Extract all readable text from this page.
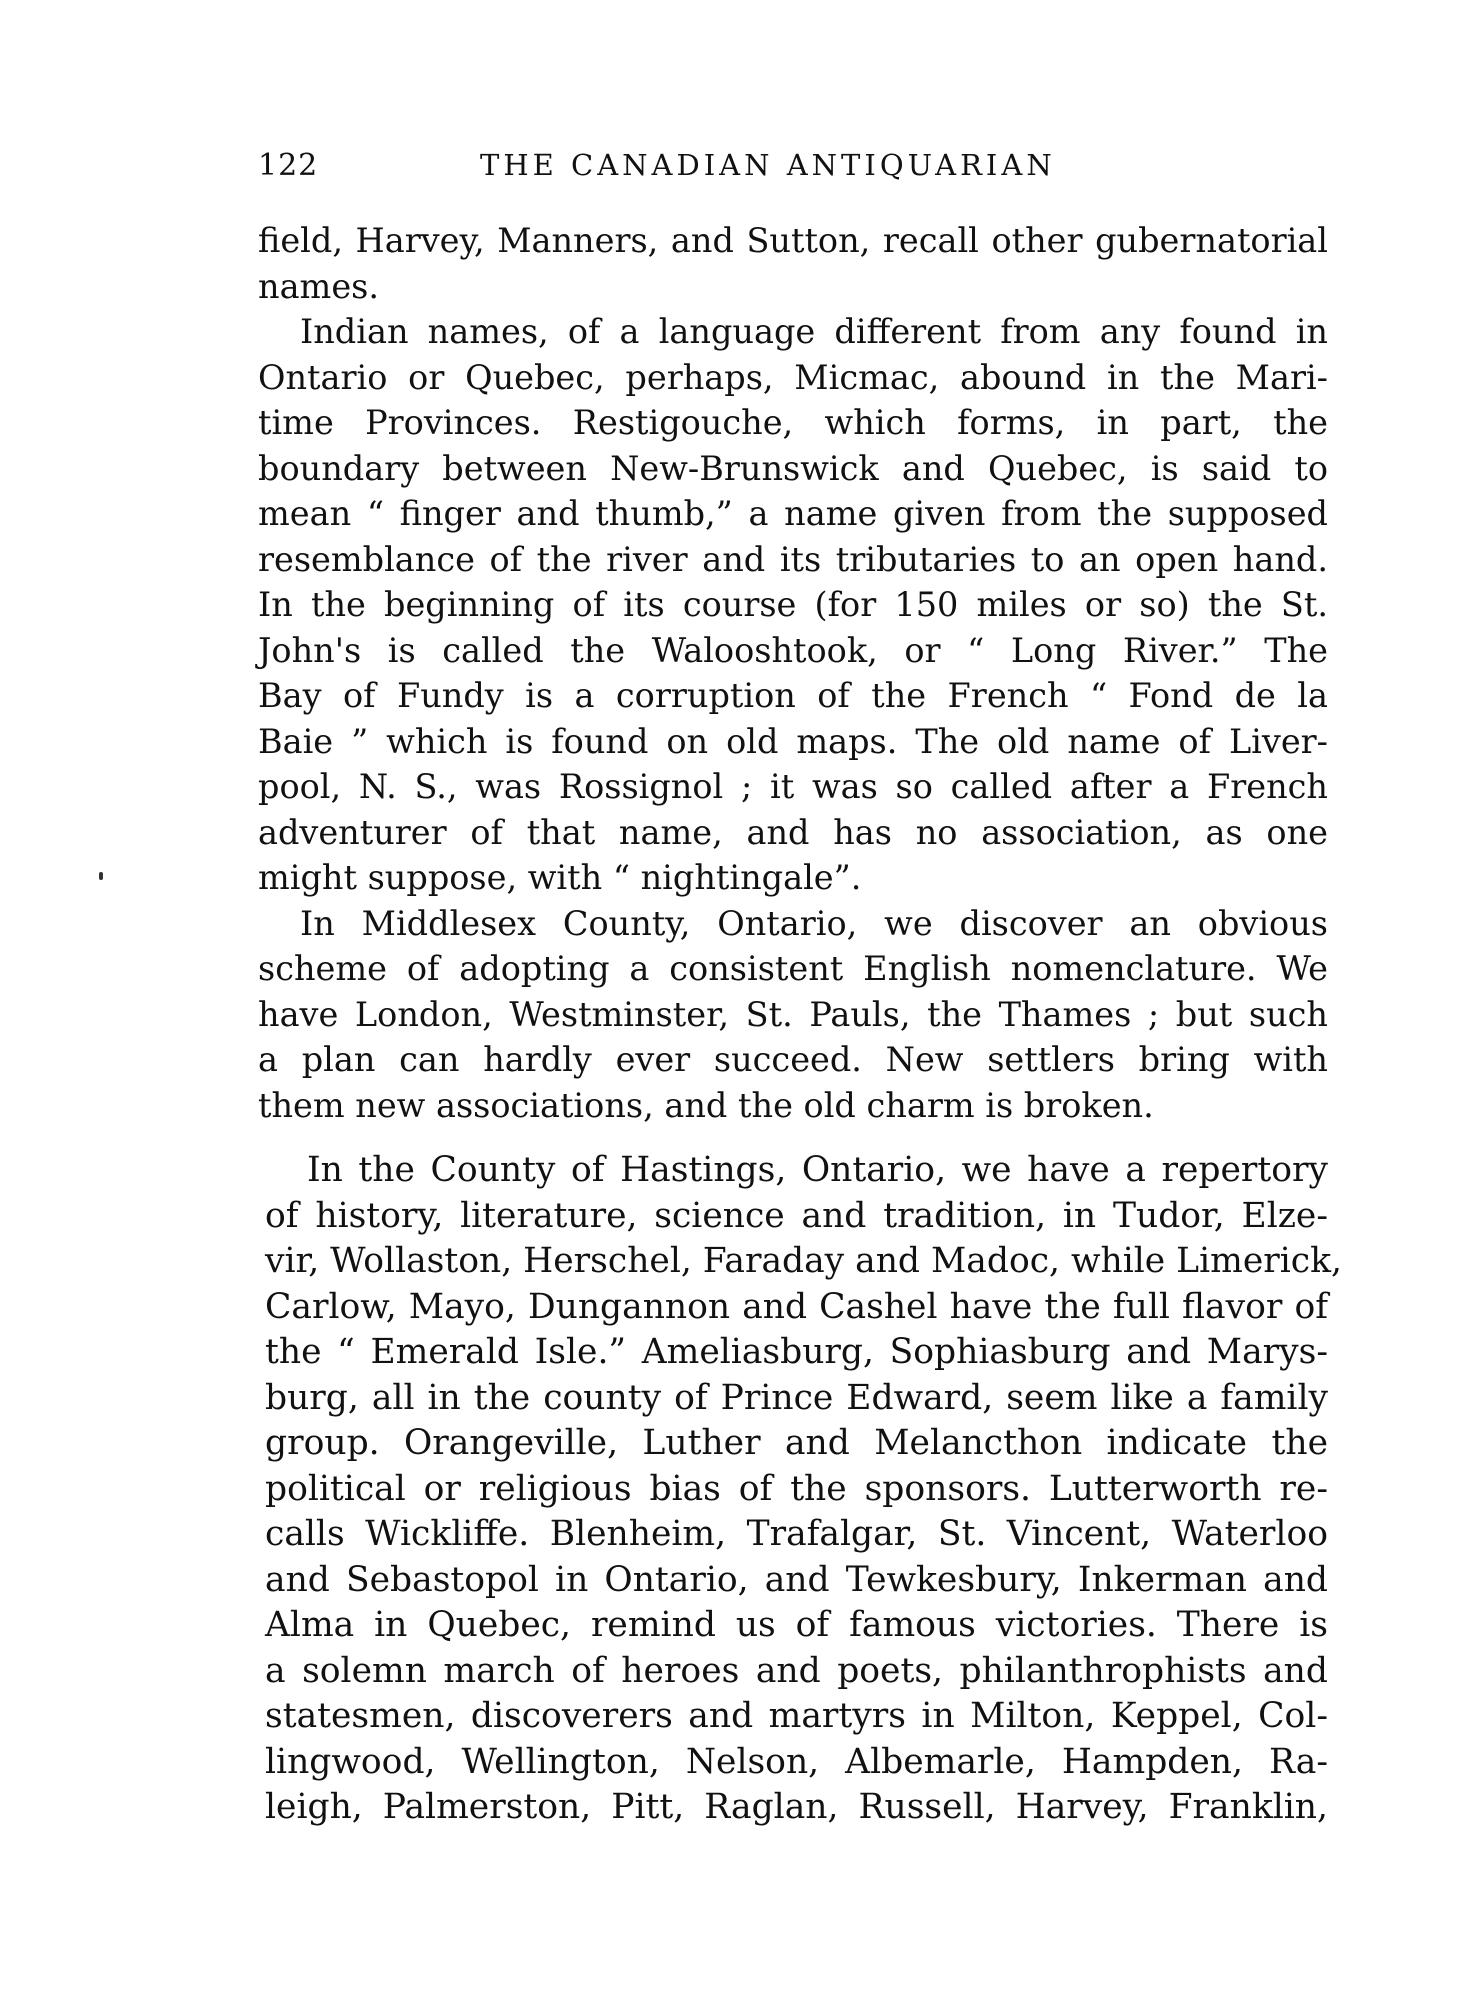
122	THE CANADIAN ANTIQUARIAN
field, Harvey, Manners, and Sutton, recall other gubernatorial
names.
Indian names, of a language different from any found in
Ontario or Quebec, perhaps, Micmac, abound in the Mari-
time Provinces. Restigouche, which forms, in part, the
boundary between New-Brunswick and Quebec, is said to
mean “ finger and thumb,” a name given from the supposed
resemblance of the river and its tributaries to an open hand.
In the beginning of its course (for 150 miles or so) the St.
John's is called the Walooshtook, or “ Long River.” The
Bay of Fundy is a corruption of the French “ Fond de la
Baie ” which is found on old maps. The old name of Liver-
pool, N. S., was Rossignol ; it was so called after a French
adventurer of that name, and has no association, as one
might suppose, with “ nightingale”.
In Middlesex County, Ontario, we discover an obvious
scheme of adopting a consistent English nomenclature. We
have London, Westminster, St. Pauls, the Thames ; but such
a plan can hardly ever succeed. New settlers bring with
them new associations, and the old charm is broken.
In the County of Hastings, Ontario, we have a repertory
of history, literature, science and tradition, in Tudor, Elze-
vir, Wollaston, Herschel, Faraday and Madoc, while Limerick,
Carlow, Mayo, Dungannon and Cashel have the full flavor of
the “ Emerald Isle.” Ameliasburg, Sophiasburg and Marys-
burg, all in the county of Prince Edward, seem like a family
group. Orangeville, Luther and Melancthon indicate the
political or religious bias of the sponsors. Lutterworth re-
calls Wickliffe. Blenheim, Trafalgar, St. Vincent, Waterloo
and Sebastopol in Ontario, and Tewkesbury, Inkerman and
Alma in Quebec, remind us of famous victories. There is
a solemn march of heroes and poets, philanthrophists and
statesmen, discoverers and martyrs in Milton, Keppel, Col-
lingwood, Wellington, Nelson, Albemarle, Hampden, Ra-
leigh, Palmerston, Pitt, Raglan, Russell, Harvey, Franklin,
